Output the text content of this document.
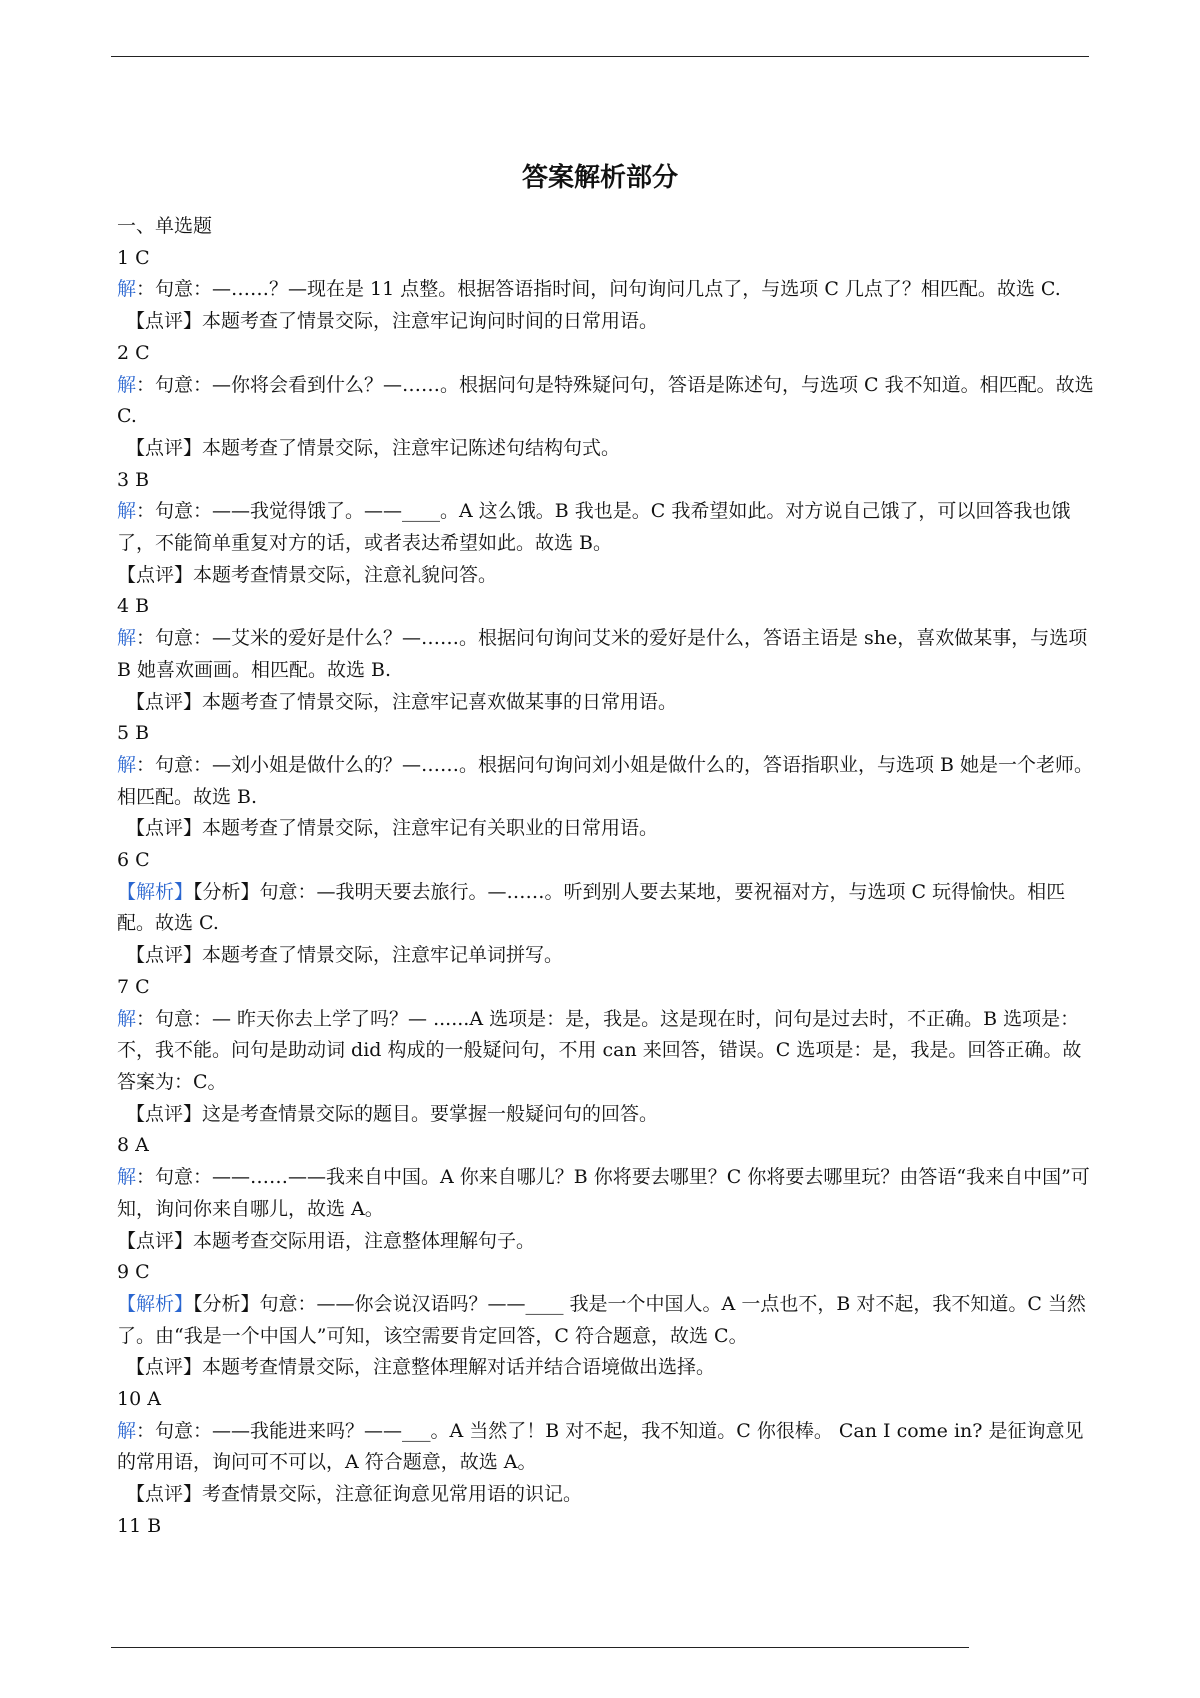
答案解析部分

一、单选题

1 C

解：句意：—……？—现在是 11 点整。根据答语指时间，问句询问几点了，与选项 C 几点了？相匹配。故选 C.

【点评】本题考查了情景交际，注意牢记询问时间的日常用语。

2 C

解：句意：—你将会看到什么？—……。根据问句是特殊疑问句，答语是陈述句，与选项 C 我不知道。相匹配。故选 C.

【点评】本题考查了情景交际，注意牢记陈述句结构句式。

3 B

解：句意：——我觉得饿了。——____。A 这么饿。B 我也是。C 我希望如此。对方说自己饿了，可以回答我也饿了，不能简单重复对方的话，或者表达希望如此。故选 B。

【点评】本题考查情景交际，注意礼貌问答。

4 B

解：句意：—艾米的爱好是什么？—……。根据问句询问艾米的爱好是什么，答语主语是 she，喜欢做某事，与选项 B 她喜欢画画。相匹配。故选 B.

【点评】本题考查了情景交际，注意牢记喜欢做某事的日常用语。

5 B

解：句意：—刘小姐是做什么的？—……。根据问句询问刘小姐是做什么的，答语指职业，与选项 B 她是一个老师。相匹配。故选 B.

【点评】本题考查了情景交际，注意牢记有关职业的日常用语。

6 C

【解析】【分析】句意：—我明天要去旅行。—……。听到别人要去某地，要祝福对方，与选项 C 玩得愉快。相匹配。故选 C.

【点评】本题考查了情景交际，注意牢记单词拼写。

7 C

解：句意：— 昨天你去上学了吗？— ......A 选项是：是，我是。这是现在时，问句是过去时，不正确。B 选项是：不，我不能。问句是助动词 did 构成的一般疑问句，不用 can 来回答，错误。C 选项是：是，我是。回答正确。故答案为：C。

【点评】这是考查情景交际的题目。要掌握一般疑问句的回答。

8 A

解：句意：——……——我来自中国。A 你来自哪儿？B 你将要去哪里？C 你将要去哪里玩？由答语“我来自中国”可知，询问你来自哪儿，故选 A。

【点评】本题考查交际用语，注意整体理解句子。

9 C

【解析】【分析】句意：——你会说汉语吗？——____ 我是一个中国人。A 一点也不，B 对不起，我不知道。C 当然了。由“我是一个中国人”可知，该空需要肯定回答，C 符合题意，故选 C。

【点评】本题考查情景交际，注意整体理解对话并结合语境做出选择。

10 A

解：句意：——我能进来吗？——___。A 当然了！B 对不起，我不知道。C 你很棒。 Can I come in? 是征询意见的常用语，询问可不可以，A 符合题意，故选 A。

【点评】考查情景交际，注意征询意见常用语的识记。

11 B
